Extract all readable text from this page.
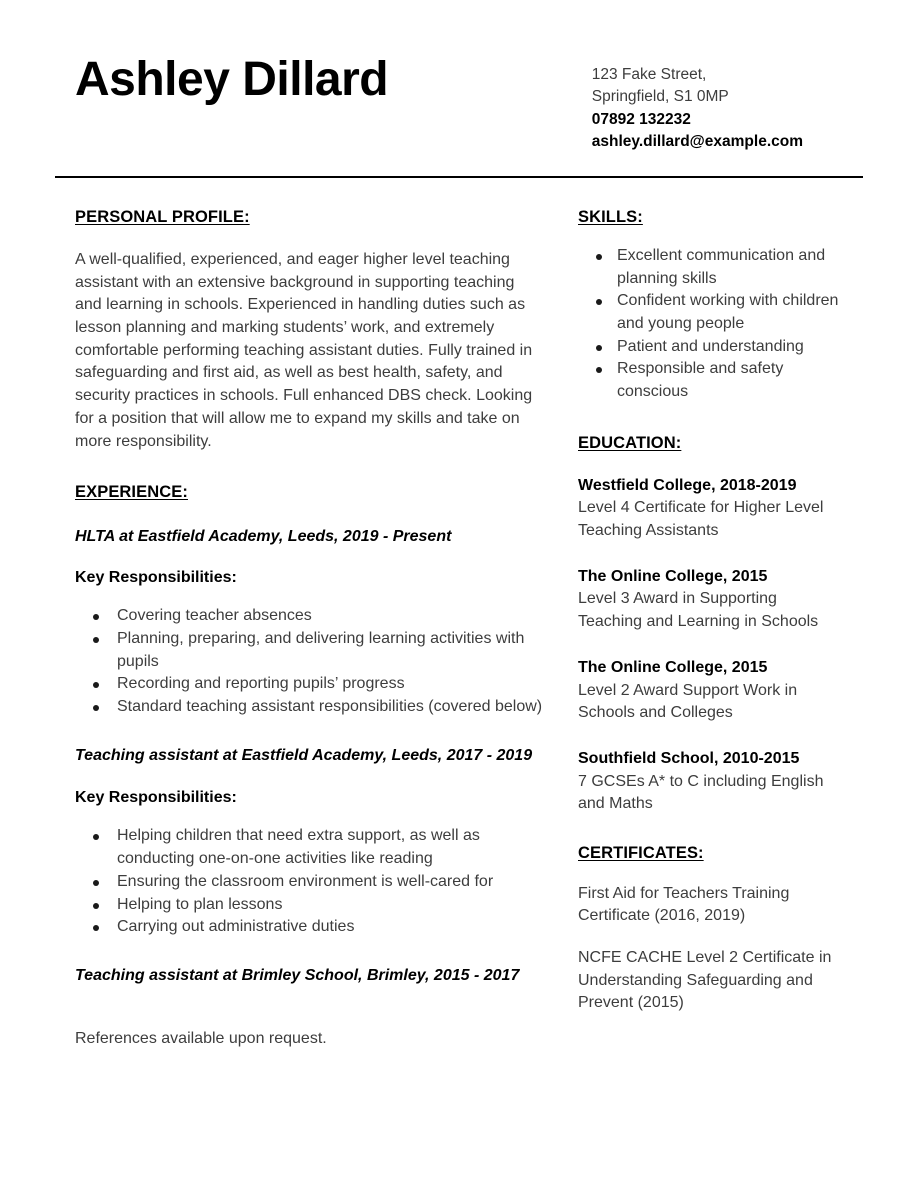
Ashley Dillard	123 Fake Street,
Springfield, S1 0MP
07892 132232
ashley.dillard@example.com
PERSONAL PROFILE:

A well-qualified, experienced, and eager higher level teaching assistant with an extensive background in supporting teaching and learning in schools. Experienced in handling duties such as lesson planning and marking students’ work, and extremely comfortable performing teaching assistant duties. Fully trained in safeguarding and first aid, as well as best health, safety, and security practices in schools. Full enhanced DBS check. Looking for a position that will allow me to expand my skills and take on more responsibility.

EXPERIENCE:
HLTA at Eastfield Academy, Leeds, 2019 - Present
Key Responsibilities:
Covering teacher absences
Planning, preparing, and delivering learning activities with pupils
Recording and reporting pupils’ progress
Standard teaching assistant responsibilities (covered below)
Teaching assistant at Eastfield Academy, Leeds, 2017 - 2019
Key Responsibilities:
Helping children that need extra support, as well as conducting one-on-one activities like reading
Ensuring the classroom environment is well-cared for
Helping to plan lessons
Carrying out administrative duties
Teaching assistant at Brimley School, Brimley, 2015 - 2017

References available upon request.

SKILLS:
Excellent communication and planning skills
Confident working with children and young people
Patient and understanding
Responsible and safety conscious
EDUCATION:
Westfield College, 2018-2019
Level 4 Certificate for Higher Level Teaching Assistants
The Online College, 2015
Level 3 Award in Supporting Teaching and Learning in Schools
The Online College, 2015
Level 2 Award Support Work in Schools and Colleges
Southfield School, 2010-2015
7 GCSEs A* to C including English and Maths
CERTIFICATES:
First Aid for Teachers Training Certificate (2016, 2019)
NCFE CACHE Level 2 Certificate in Understanding Safeguarding and Prevent (2015)
